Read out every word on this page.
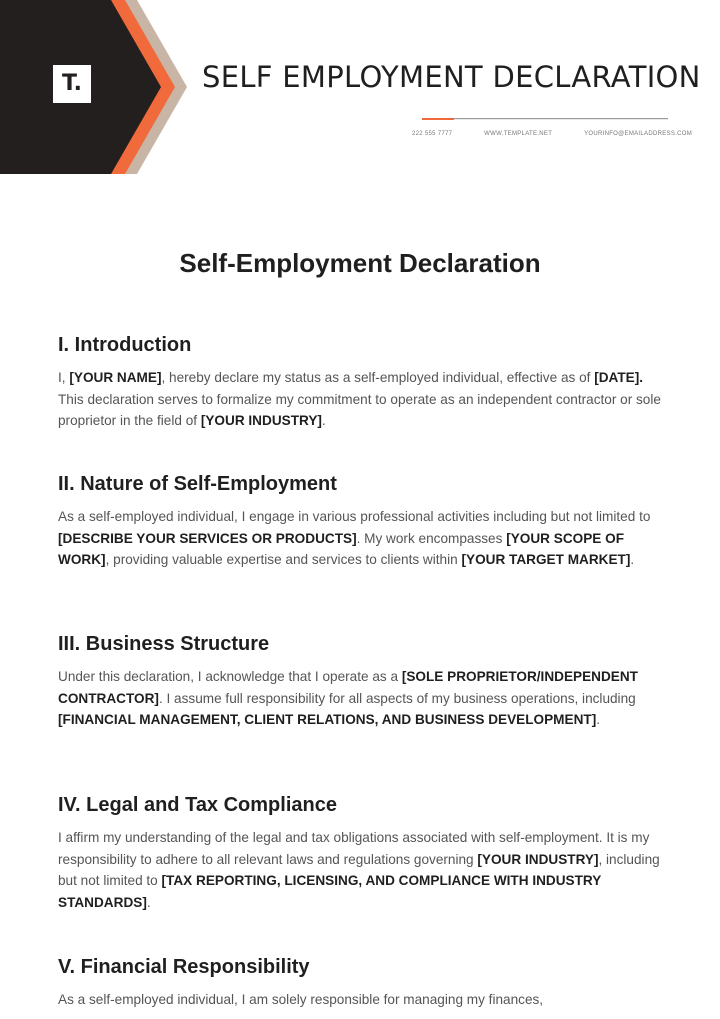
T.	SELF EMPLOYMENT DECLARATION
222 555 7777	WWW.TEMPLATE.NET	YOURINFO@EMAILADDRESS.COM
Self-Employment Declaration
I. Introduction

I, [YOUR NAME], hereby declare my status as a self-employed individual, effective as of [DATE]. This declaration serves to formalize my commitment to operate as an independent contractor or sole proprietor in the field of [YOUR INDUSTRY].

II. Nature of Self-Employment

As a self-employed individual, I engage in various professional activities including but not limited to [DESCRIBE YOUR SERVICES OR PRODUCTS]. My work encompasses [YOUR SCOPE OF WORK], providing valuable expertise and services to clients within [YOUR TARGET MARKET].

III. Business Structure

Under this declaration, I acknowledge that I operate as a [SOLE PROPRIETOR/INDEPENDENT CONTRACTOR]. I assume full responsibility for all aspects of my business operations, including [FINANCIAL MANAGEMENT, CLIENT RELATIONS, AND BUSINESS DEVELOPMENT].

IV. Legal and Tax Compliance

I affirm my understanding of the legal and tax obligations associated with self-employment. It is my responsibility to adhere to all relevant laws and regulations governing [YOUR INDUSTRY], including but not limited to [TAX REPORTING, LICENSING, AND COMPLIANCE WITH INDUSTRY STANDARDS].

V. Financial Responsibility

As a self-employed individual, I am solely responsible for managing my finances,
